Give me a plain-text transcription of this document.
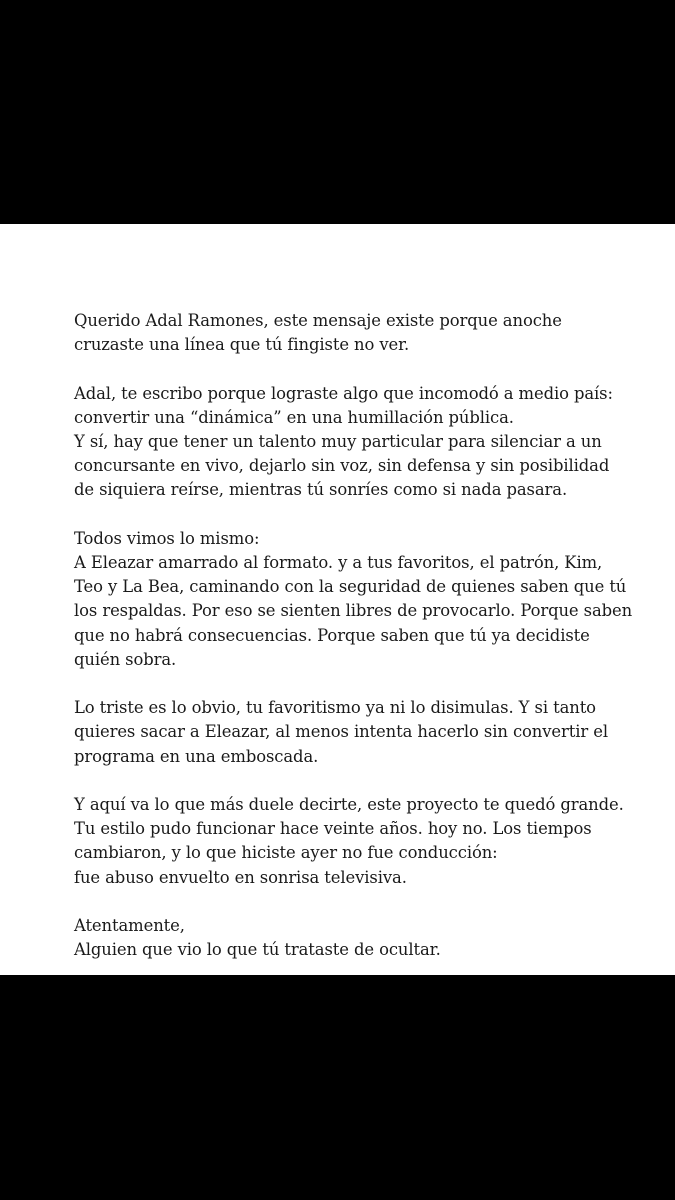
Querido Adal Ramones, este mensaje existe porque anoche
cruzaste una línea que tú fingiste no ver.

Adal, te escribo porque lograste algo que incomodó a medio país:
convertir una “dinámica” en una humillación pública.
Y sí, hay que tener un talento muy particular para silenciar a un
concursante en vivo, dejarlo sin voz, sin defensa y sin posibilidad
de siquiera reírse, mientras tú sonríes como si nada pasara.

Todos vimos lo mismo:
A Eleazar amarrado al formato. y a tus favoritos, el patrón, Kim,
Teo y La Bea, caminando con la seguridad de quienes saben que tú
los respaldas. Por eso se sienten libres de provocarlo. Porque saben
que no habrá consecuencias. Porque saben que tú ya decidiste
quién sobra.

Lo triste es lo obvio, tu favoritismo ya ni lo disimulas. Y si tanto
quieres sacar a Eleazar, al menos intenta hacerlo sin convertir el
programa en una emboscada.

Y aquí va lo que más duele decirte, este proyecto te quedó grande.
Tu estilo pudo funcionar hace veinte años. hoy no. Los tiempos
cambiaron, y lo que hiciste ayer no fue conducción:
fue abuso envuelto en sonrisa televisiva.

Atentamente,
Alguien que vio lo que tú trataste de ocultar.
